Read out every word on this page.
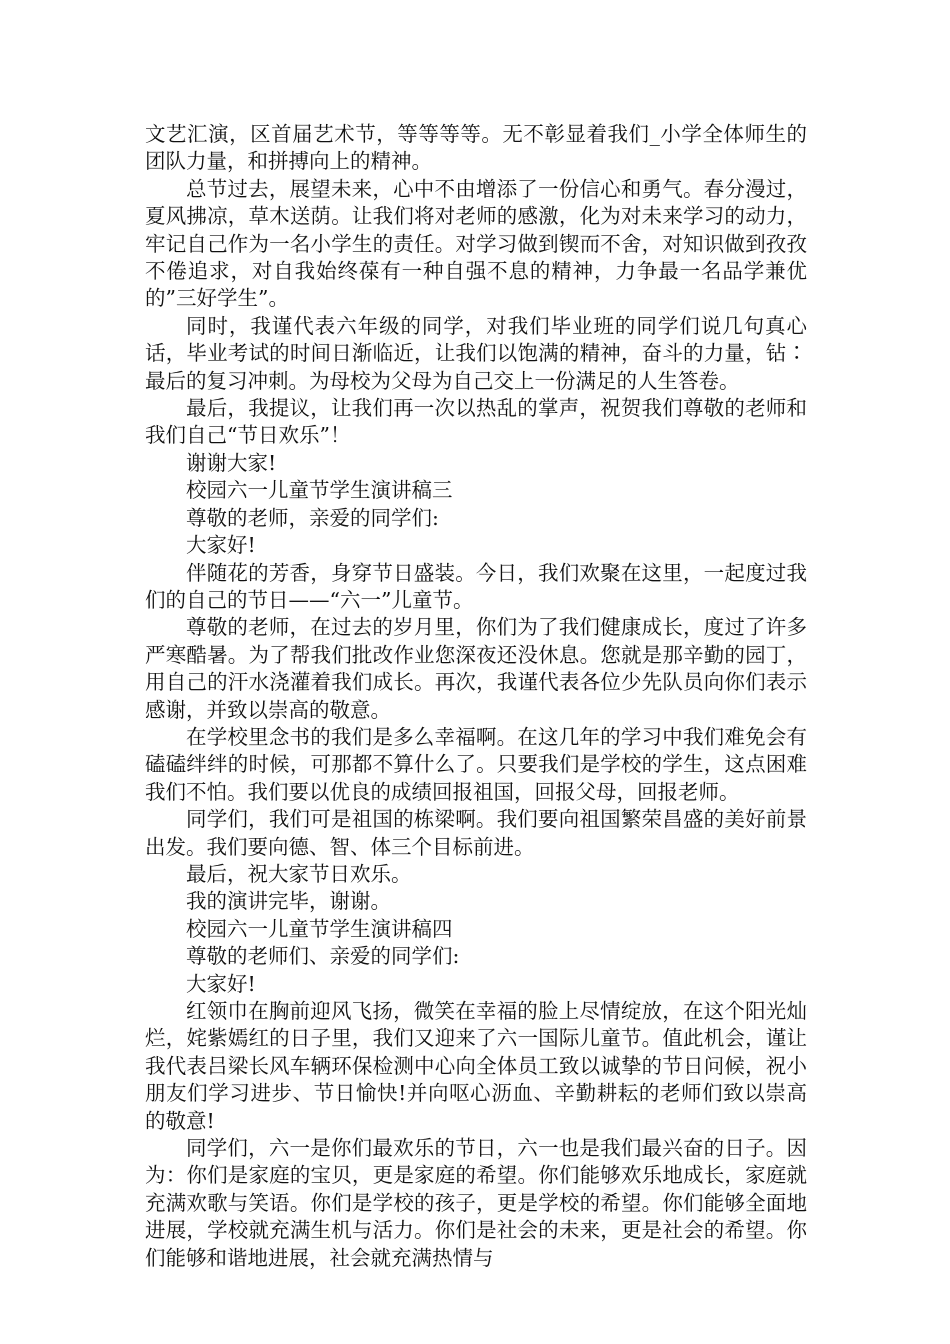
文艺汇演，区首届艺术节，等等等等。无不彰显着我们_小学全体师生的团队力量，和拼搏向上的精神。

总节过去，展望未来，心中不由增添了一份信心和勇气。春分漫过，夏风拂凉，草木送荫。让我们将对老师的感激，化为对未来学习的动力，牢记自己作为一名小学生的责任。对学习做到锲而不舍，对知识做到孜孜不倦追求，对自我始终葆有一种自强不息的精神，力争最一名品学兼优的”三好学生”。

同时，我谨代表六年级的同学，对我们毕业班的同学们说几句真心话，毕业考试的时间日渐临近，让我们以饱满的精神，奋斗的力量，钻∶最后的复习冲刺。为母校为父母为自己交上一份满足的人生答卷。

最后，我提议，让我们再一次以热乱的掌声，祝贺我们尊敬的老师和我们自己“节日欢乐”！

谢谢大家!

校园六一儿童节学生演讲稿三

尊敬的老师，亲爱的同学们:

大家好!

伴随花的芳香，身穿节日盛装。今日，我们欢聚在这里，一起度过我们的自己的节日——“六一”儿童节。

尊敬的老师，在过去的岁月里，你们为了我们健康成长，度过了许多严寒酷暑。为了帮我们批改作业您深夜还没休息。您就是那辛勤的园丁，用自己的汗水浇灌着我们成长。再次，我谨代表各位少先队员向你们表示感谢，并致以崇高的敬意。

在学校里念书的我们是多么幸福啊。在这几年的学习中我们难免会有磕磕绊绊的时候，可那都不算什么了。只要我们是学校的学生，这点困难我们不怕。我们要以优良的成绩回报祖国，回报父母，回报老师。

同学们，我们可是祖国的栋梁啊。我们要向祖国繁荣昌盛的美好前景出发。我们要向德、智、体三个目标前进。

最后，祝大家节日欢乐。

我的演讲完毕，谢谢。

校园六一儿童节学生演讲稿四

尊敬的老师们、亲爱的同学们:

大家好!

红领巾在胸前迎风飞扬，微笑在幸福的脸上尽情绽放，在这个阳光灿烂，姹紫嫣红的日子里，我们又迎来了六一国际儿童节。值此机会，谨让我代表吕梁长风车辆环保检测中心向全体员工致以诚挚的节日问候，祝小朋友们学习进步、节日愉快!并向呕心沥血、辛勤耕耘的老师们致以崇高的敬意!

同学们，六一是你们最欢乐的节日，六一也是我们最兴奋的日子。因为：你们是家庭的宝贝，更是家庭的希望。你们能够欢乐地成长，家庭就充满欢歌与笑语。你们是学校的孩子，更是学校的希望。你们能够全面地进展，学校就充满生机与活力。你们是社会的未来，更是社会的希望。你们能够和谐地进展，社会就充满热情与
